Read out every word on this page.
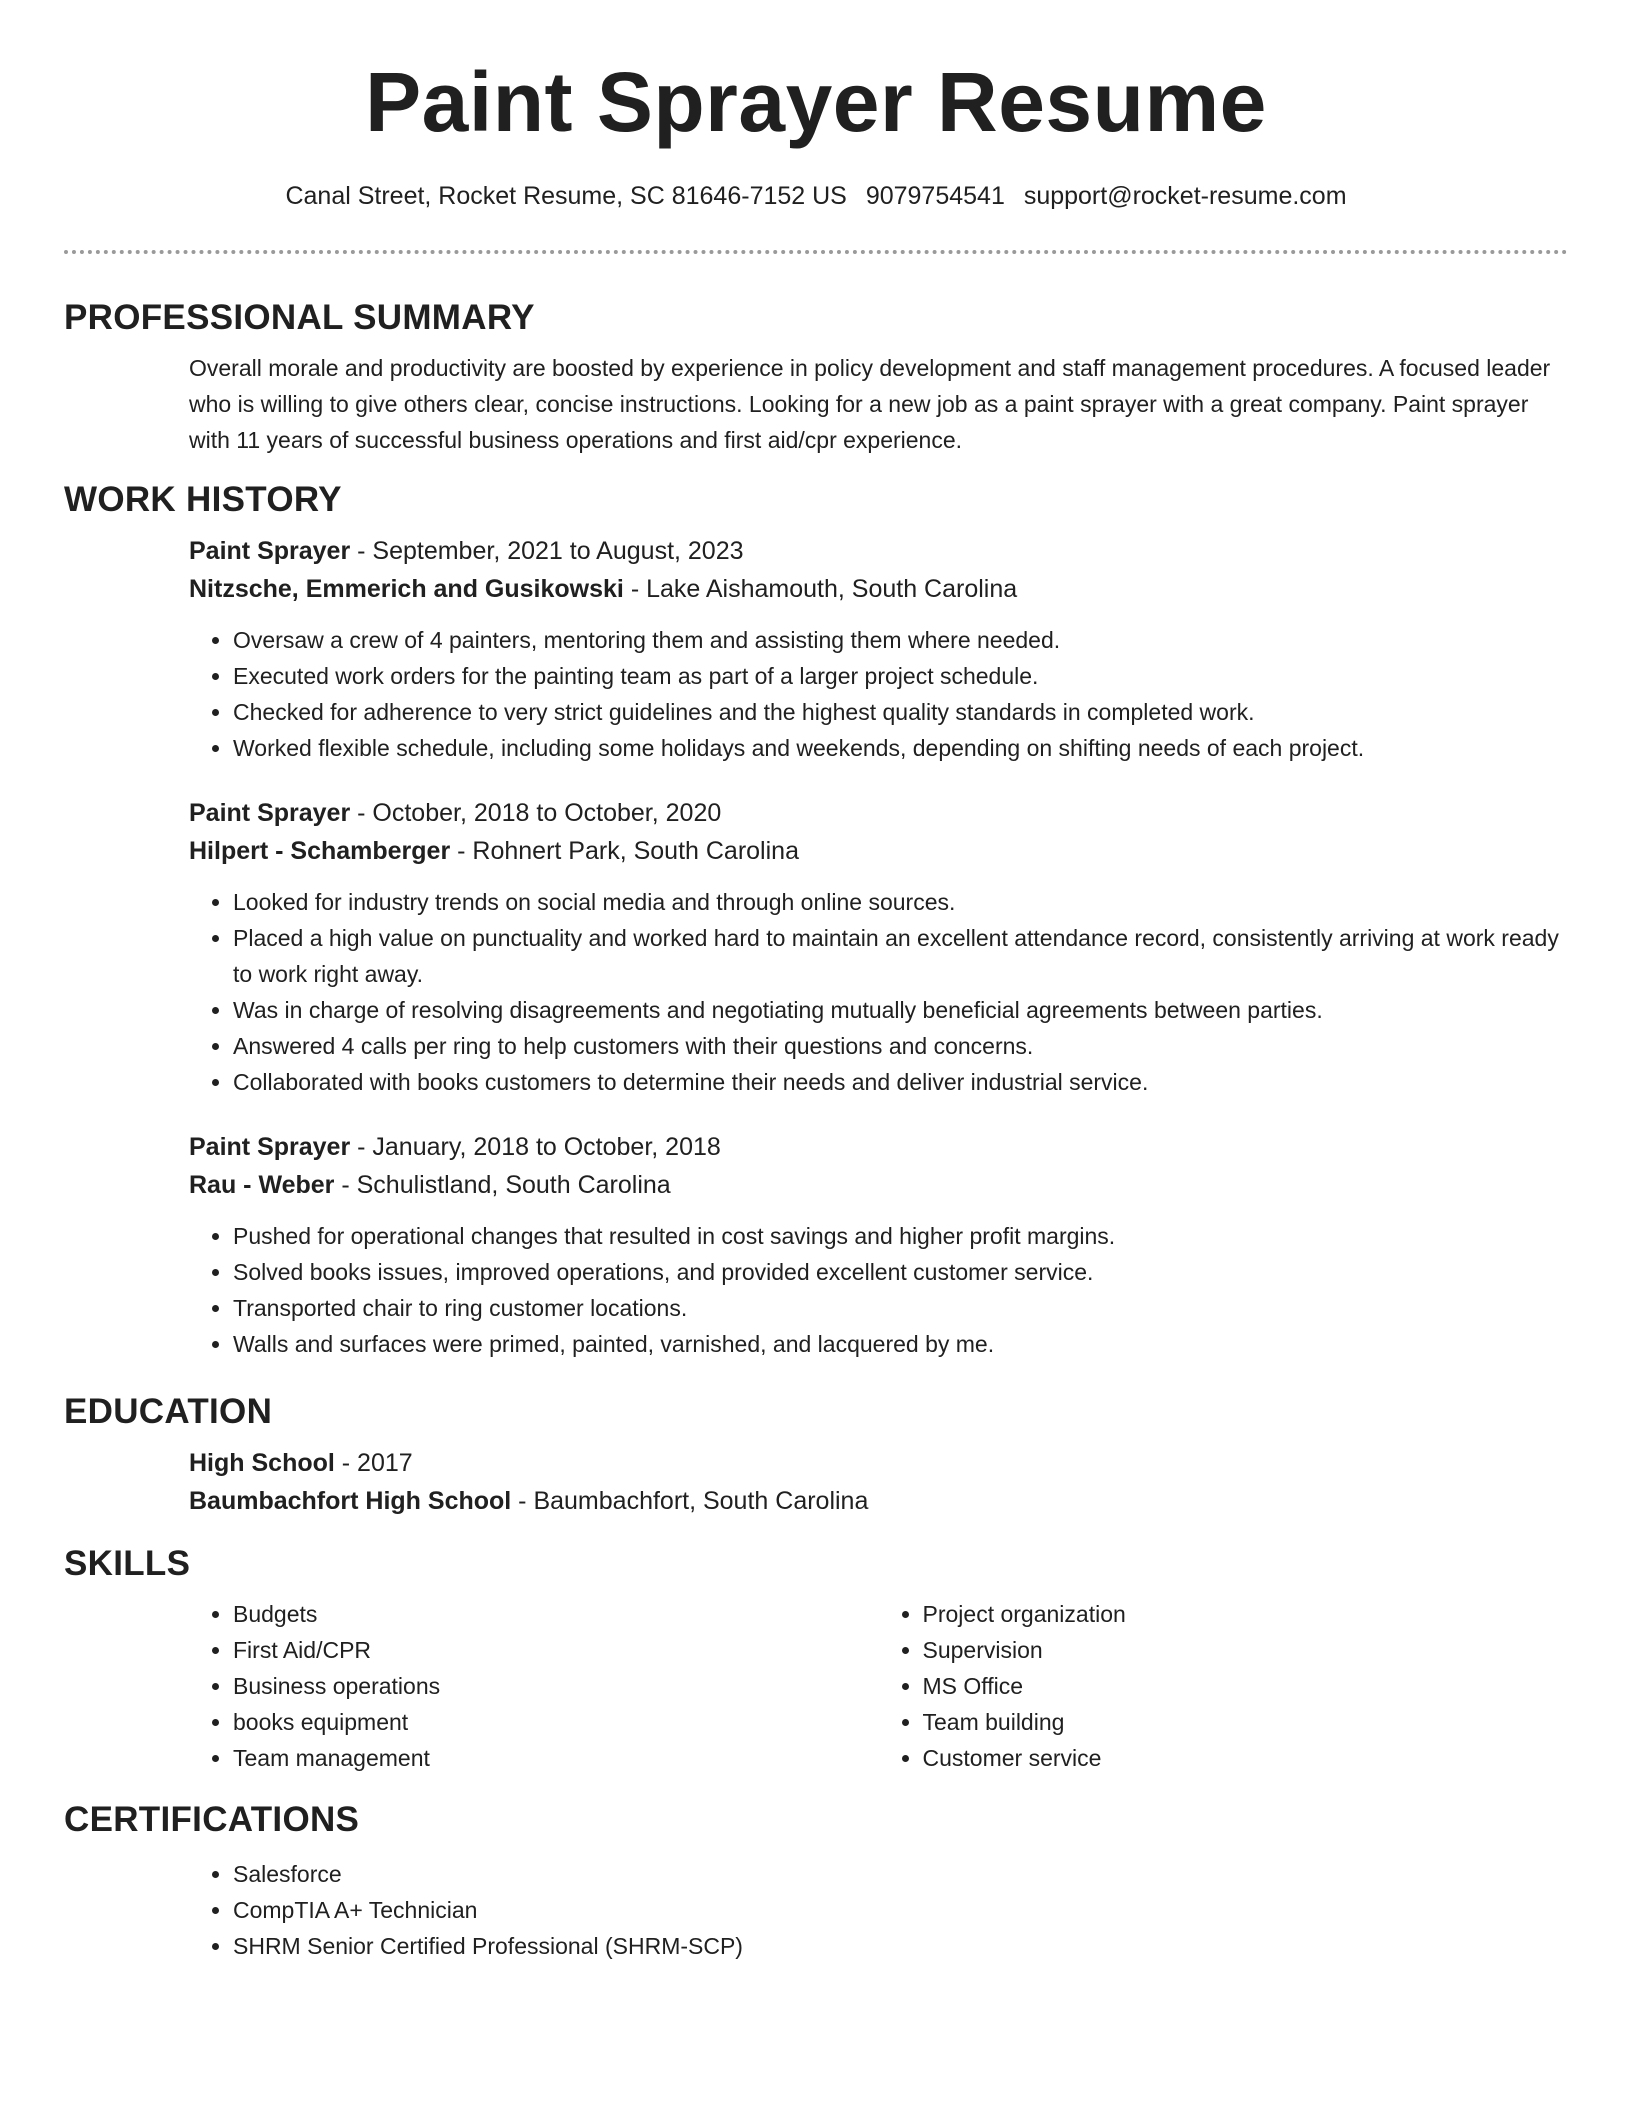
Paint Sprayer Resume
Canal Street, Rocket Resume, SC 81646-7152 US 9079754541 support@rocket-resume.com
PROFESSIONAL SUMMARY

Overall morale and productivity are boosted by experience in policy development and staff management procedures. A focused leader who is willing to give others clear, concise instructions. Looking for a new job as a paint sprayer with a great company. Paint sprayer with 11 years of successful business operations and first aid/cpr experience.

WORK HISTORY
Paint Sprayer - September, 2021 to August, 2023
Nitzsche, Emmerich and Gusikowski - Lake Aishamouth, South Carolina
• Oversaw a crew of 4 painters, mentoring them and assisting them where needed.
• Executed work orders for the painting team as part of a larger project schedule.
• Checked for adherence to very strict guidelines and the highest quality standards in completed work.
• Worked flexible schedule, including some holidays and weekends, depending on shifting needs of each project.
Paint Sprayer - October, 2018 to October, 2020
Hilpert - Schamberger - Rohnert Park, South Carolina
• Looked for industry trends on social media and through online sources.
• Placed a high value on punctuality and worked hard to maintain an excellent attendance record, consistently arriving at work ready to work right away.
• Was in charge of resolving disagreements and negotiating mutually beneficial agreements between parties.
• Answered 4 calls per ring to help customers with their questions and concerns.
• Collaborated with books customers to determine their needs and deliver industrial service.
Paint Sprayer - January, 2018 to October, 2018
Rau - Weber - Schulistland, South Carolina
• Pushed for operational changes that resulted in cost savings and higher profit margins.
• Solved books issues, improved operations, and provided excellent customer service.
• Transported chair to ring customer locations.
• Walls and surfaces were primed, painted, varnished, and lacquered by me.
EDUCATION
High School - 2017
Baumbachfort High School - Baumbachfort, South Carolina
SKILLS
• Budgets
• First Aid/CPR
• Business operations
• books equipment
• Team management
• Project organization
• Supervision
• MS Office
• Team building
• Customer service
CERTIFICATIONS
• Salesforce
• CompTIA A+ Technician
• SHRM Senior Certified Professional (SHRM-SCP)
